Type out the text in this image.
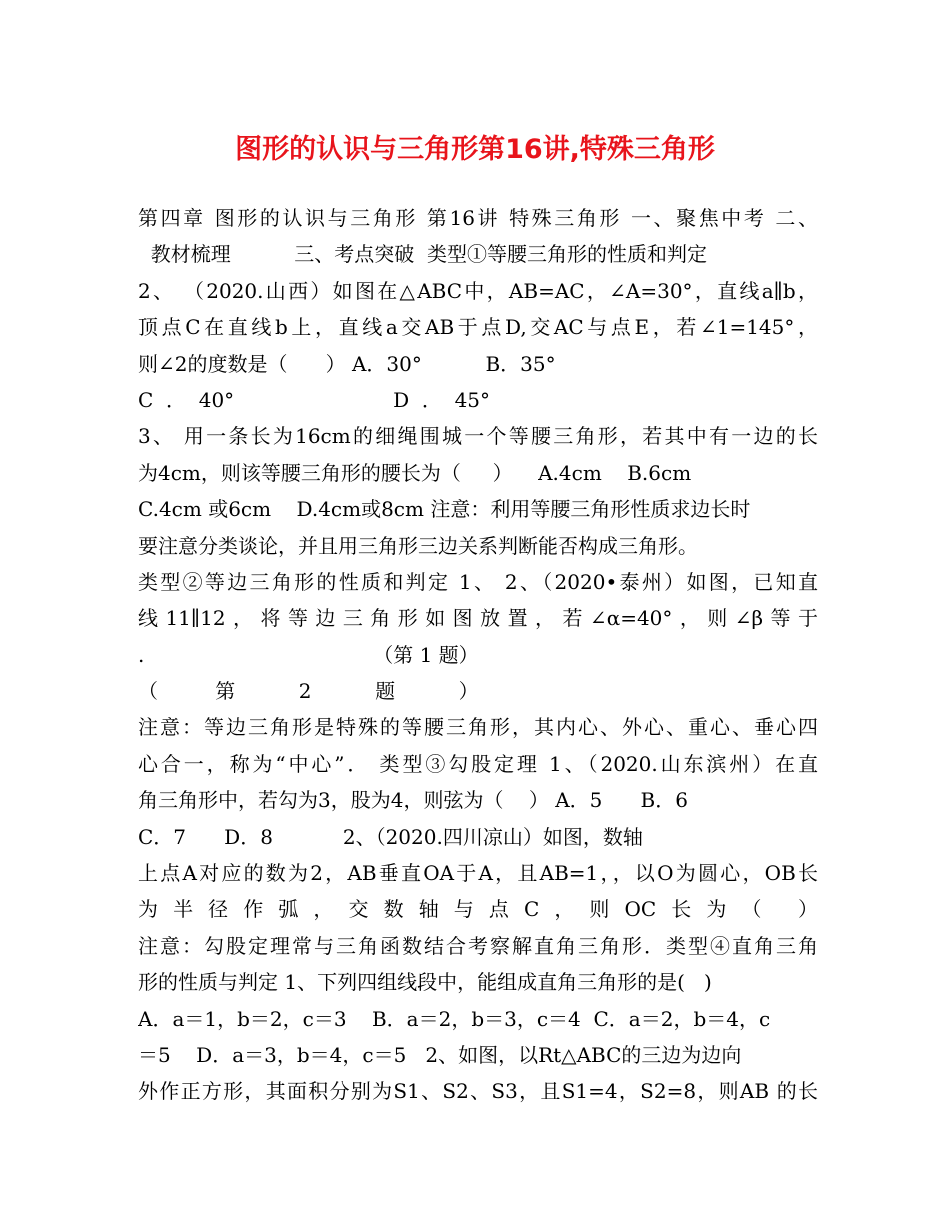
图形的认识与三角形第16讲,特殊三角形
第四章 图形的认识与三角形 第16讲 特殊三角形 一、聚焦中考 二、
教材梳理          三、考点突破  类型①等腰三角形的性质和判定
2、 （2020.山西）如图在△ABC中，AB=AC，∠A=30°，直线a∥b，
顶点C在直线b上，直线a交AB于点D,交AC与点E，若∠1=145°，
则∠2的度数是（      ） A．30°          B．35°
C  ．  40°                         D  ．  45°
3、 用一条长为16cm的细绳围城一个等腰三角形，若其中有一边的长
为4cm，则该等腰三角形的腰长为（     ）    A.4cm    B.6cm
C.4cm 或6cm    D.4cm或8cm 注意：利用等腰三角形性质求边长时
要注意分类谈论，并且用三角形三边关系判断能否构成三角形。
类型②等边三角形的性质和判定 1、 2、（2020•泰州）如图，已知直
线11∥12，将等边三角形如图放置，若∠α=40°，则∠β等于
.                                    （第 1 题）
（         第          2          题          ）
注意：等边三角形是特殊的等腰三角形，其内心、外心、重心、垂心四
心合一，称为“中心”． 类型③勾股定理 1、（2020.山东滨州）在直
角三角形中，若勾为3，股为4，则弦为（    ） A．5      B．6
C．7      D．8           2、（2020.四川凉山）如图，数轴
上点A对应的数为2，AB垂直OA于A，且AB=1，，以O为圆心，OB长
为半径作弧，交数轴与点C，则OC长为（ ）
注意：勾股定理常与三角函数结合考察解直角三角形．类型④直角三角
形的性质与判定 1、下列四组线段中，能组成直角三角形的是(   )
A．a＝1，b＝2，c＝3    B．a＝2，b＝3，c＝4  C．a＝2，b＝4，c
＝5    D．a＝3，b＝4，c＝5   2、如图，以Rt△ABC的三边为边向
外作正方形，其面积分别为S1、S2、S3，且S1=4，S2=8，则AB 的长
